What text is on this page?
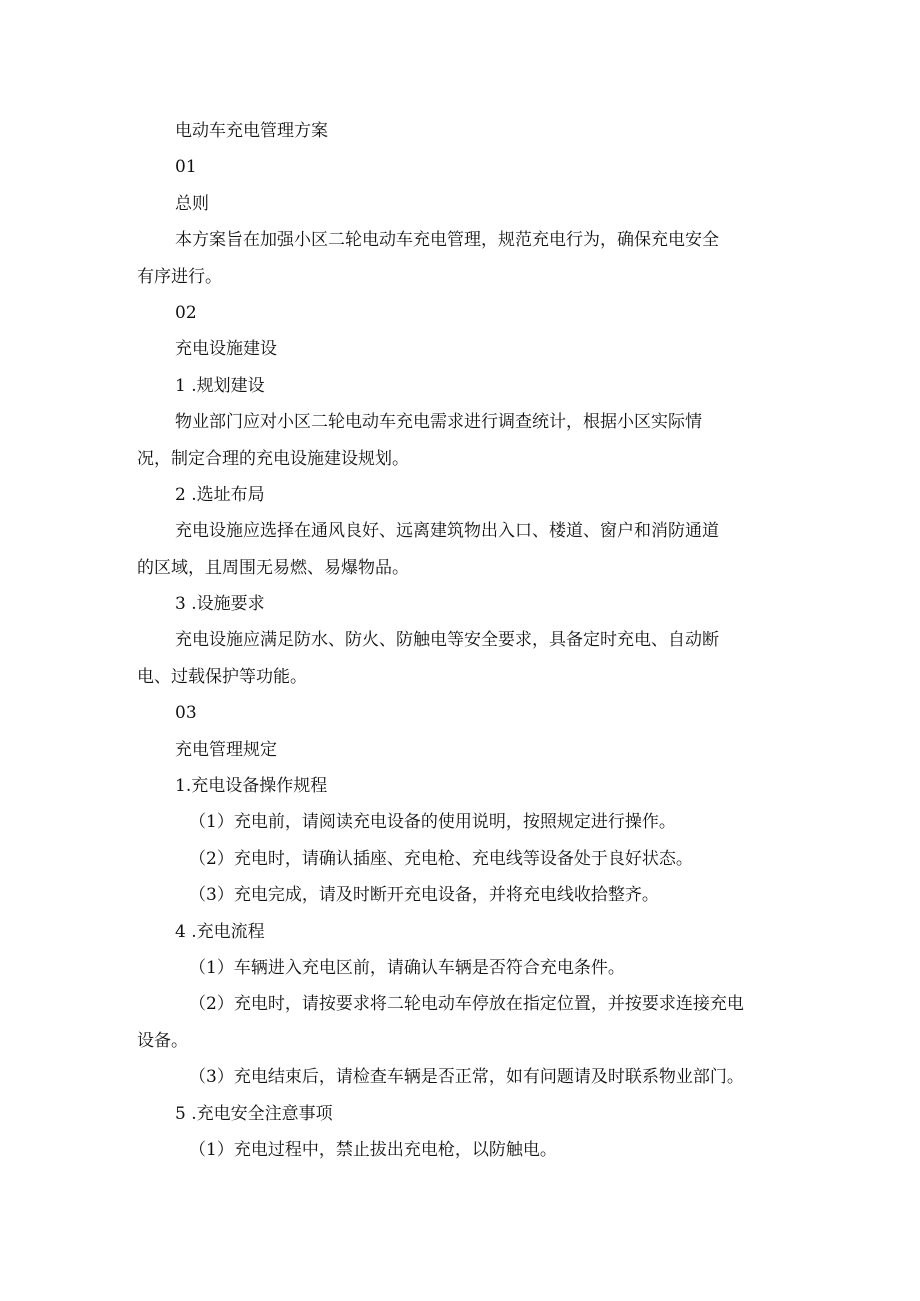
电动车充电管理方案
01
总则
本方案旨在加强小区二轮电动车充电管理，规范充电行为，确保充电安全
有序进行。
02
充电设施建设
1 .规划建设
物业部门应对小区二轮电动车充电需求进行调查统计，根据小区实际情
况，制定合理的充电设施建设规划。
2 .选址布局
充电设施应选择在通风良好、远离建筑物出入口、楼道、窗户和消防通道
的区域，且周围无易燃、易爆物品。
3 .设施要求
充电设施应满足防水、防火、防触电等安全要求，具备定时充电、自动断
电、过载保护等功能。
03
充电管理规定
1.充电设备操作规程
（1）充电前，请阅读充电设备的使用说明，按照规定进行操作。
（2）充电时，请确认插座、充电枪、充电线等设备处于良好状态。
（3）充电完成，请及时断开充电设备，并将充电线收拾整齐。
4 .充电流程
（1）车辆进入充电区前，请确认车辆是否符合充电条件。
（2）充电时，请按要求将二轮电动车停放在指定位置，并按要求连接充电
设备。
（3）充电结束后，请检查车辆是否正常，如有问题请及时联系物业部门。
5 .充电安全注意事项
（1）充电过程中，禁止拔出充电枪，以防触电。
